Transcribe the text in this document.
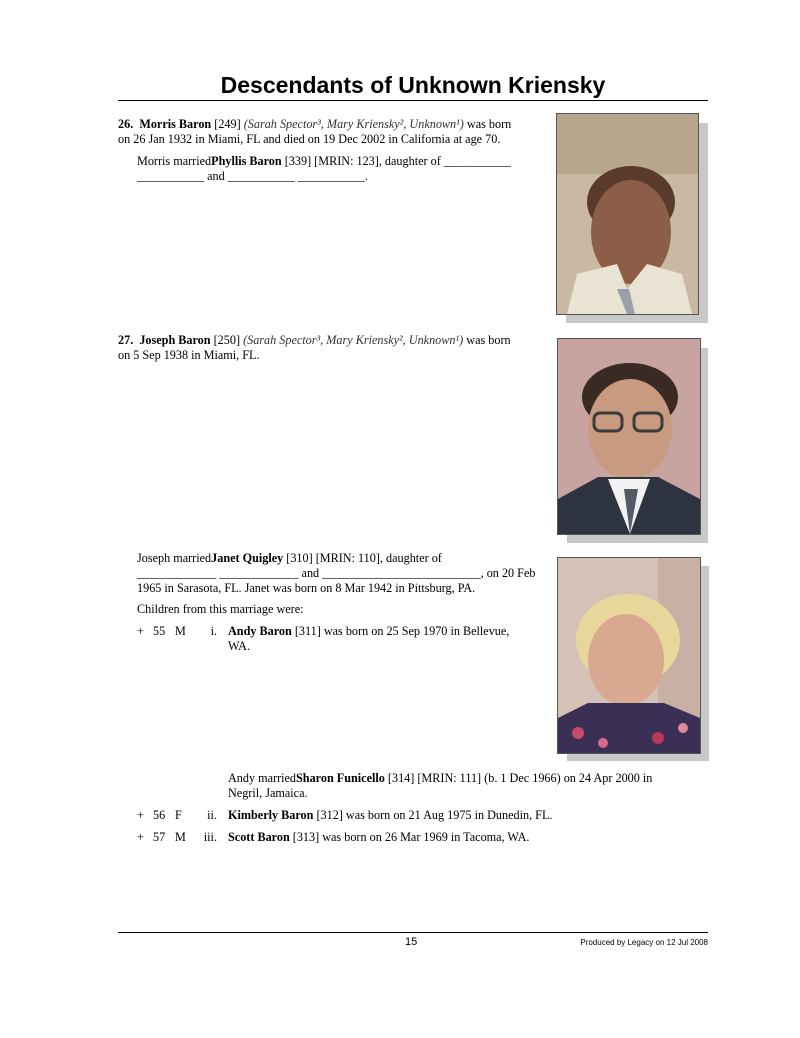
Descendants of Unknown Kriensky
26. Morris Baron [249] (Sarah Spector³, Mary Kriensky², Unknown¹) was born
on 26 Jan 1932 in Miami, FL and died on 19 Dec 2002 in California at age 70.
Morris marriedPhyllis Baron [339] [MRIN: 123], daughter of ___________
___________ and ___________ ___________.
27. Joseph Baron [250] (Sarah Spector³, Mary Kriensky², Unknown¹) was born
on 5 Sep 1938 in Miami, FL.
Joseph marriedJanet Quigley [310] [MRIN: 110], daughter of
_____________ _____________ and __________________________, on 20 Feb
1965 in Sarasota, FL. Janet was born on 8 Mar 1942 in Pittsburg, PA.
Children from this marriage were:
+ 55 M	i. Andy Baron [311] was born on 25 Sep 1970 in Bellevue,
WA.
Andy marriedSharon Funicello [314] [MRIN: 111] (b. 1 Dec 1966) on 24 Apr 2000 in
Negril, Jamaica.
+ 56 F	ii. Kimberly Baron [312] was born on 21 Aug 1975 in Dunedin, FL.
+ 57 M	iii. Scott Baron [313] was born on 26 Mar 1969 in Tacoma, WA.
15	Produced by Legacy on 12 Jul 2008
